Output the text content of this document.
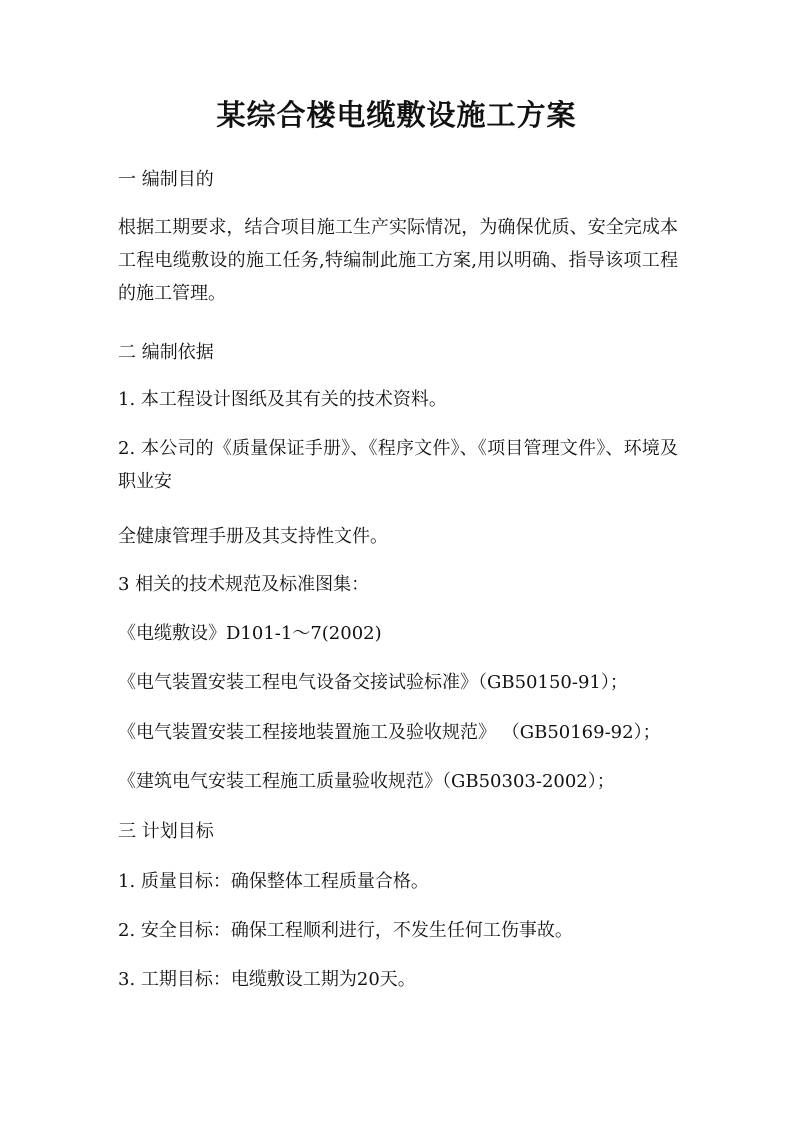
某综合楼电缆敷设施工方案
一 编制目的
根据工期要求，结合项目施工生产实际情况，为确保优质、安全完成本工程电缆敷设的施工任务,特编制此施工方案,用以明确、指导该项工程的施工管理。
二 编制依据
1. 本工程设计图纸及其有关的技术资料。
2. 本公司的《质量保证手册》、《程序文件》、《项目管理文件》、环境及职业安
全健康管理手册及其支持性文件。
3 相关的技术规范及标准图集：
《电缆敷设》D101-1～7(2002)
《电气装置安装工程电气设备交接试验标准》（GB50150-91）；
《电气装置安装工程接地装置施工及验收规范》 （GB50169-92）；
《建筑电气安装工程施工质量验收规范》（GB50303-2002）；
三 计划目标
1. 质量目标：确保整体工程质量合格。
2. 安全目标：确保工程顺利进行，不发生任何工伤事故。
3. 工期目标：电缆敷设工期为20天。
